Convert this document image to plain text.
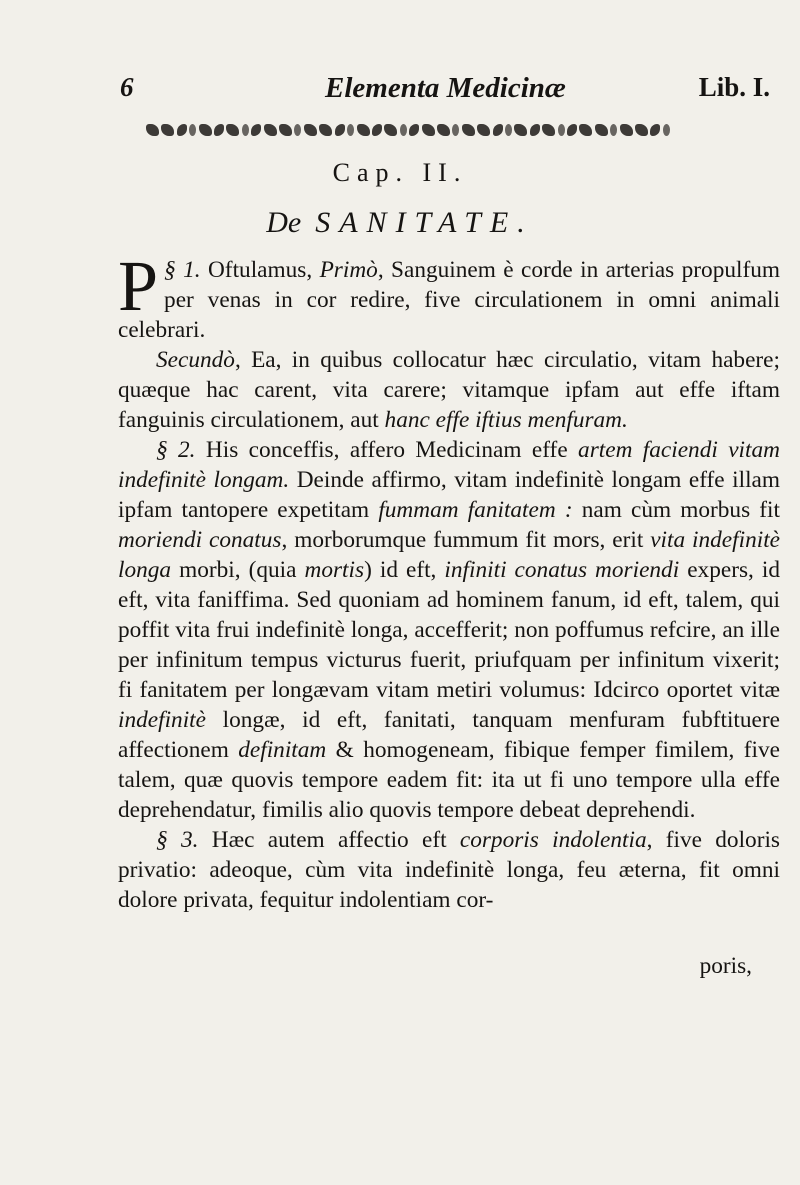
6	Elementa Medicinæ	Lib. I.
Cap. II.
De SANITATE.

§ 1.
P Oftulamus, Primò, Sanguinem è corde in arterias propulfum per venas in cor redire, five circulationem in omni animali celebrari.

Secundò, Ea, in quibus collocatur hæc circulatio, vitam habere; quæque hac carent, vita carere; vitamque ipfam aut effe iftam fanguinis circulationem, aut hanc effe iftius menfuram.

§ 2. His conceffis, affero Medicinam effe artem faciendi vitam indefinitè longam. Deinde affirmo, vitam indefinitè longam effe illam ipfam tantopere expetitam fummam fanitatem : nam cùm morbus fit moriendi conatus, morborumque fummum fit mors, erit vita indefinitè longa morbi, (quia mortis) id eft, infiniti conatus moriendi expers, id eft, vita faniffima. Sed quoniam ad hominem fanum, id eft, talem, qui poffit vita frui indefinitè longa, accefferit; non poffumus refcire, an ille per infinitum tempus victurus fuerit, priufquam per infinitum vixerit; fi fanitatem per longævam vitam metiri volumus: Idcirco oportet vitæ indefinitè longæ, id eft, fanitati, tanquam menfuram fubftituere affectionem definitam & homogeneam, fibique femper fimilem, five talem, quæ quovis tempore eadem fit: ita ut fi uno tempore ulla effe deprehendatur, fimilis alio quovis tempore debeat deprehendi.

§ 3. Hæc autem affectio eft corporis indolentia, five doloris privatio: adeoque, cùm vita indefinitè longa, feu æterna, fit omni dolore privata, fequitur indolentiam cor-

poris,
